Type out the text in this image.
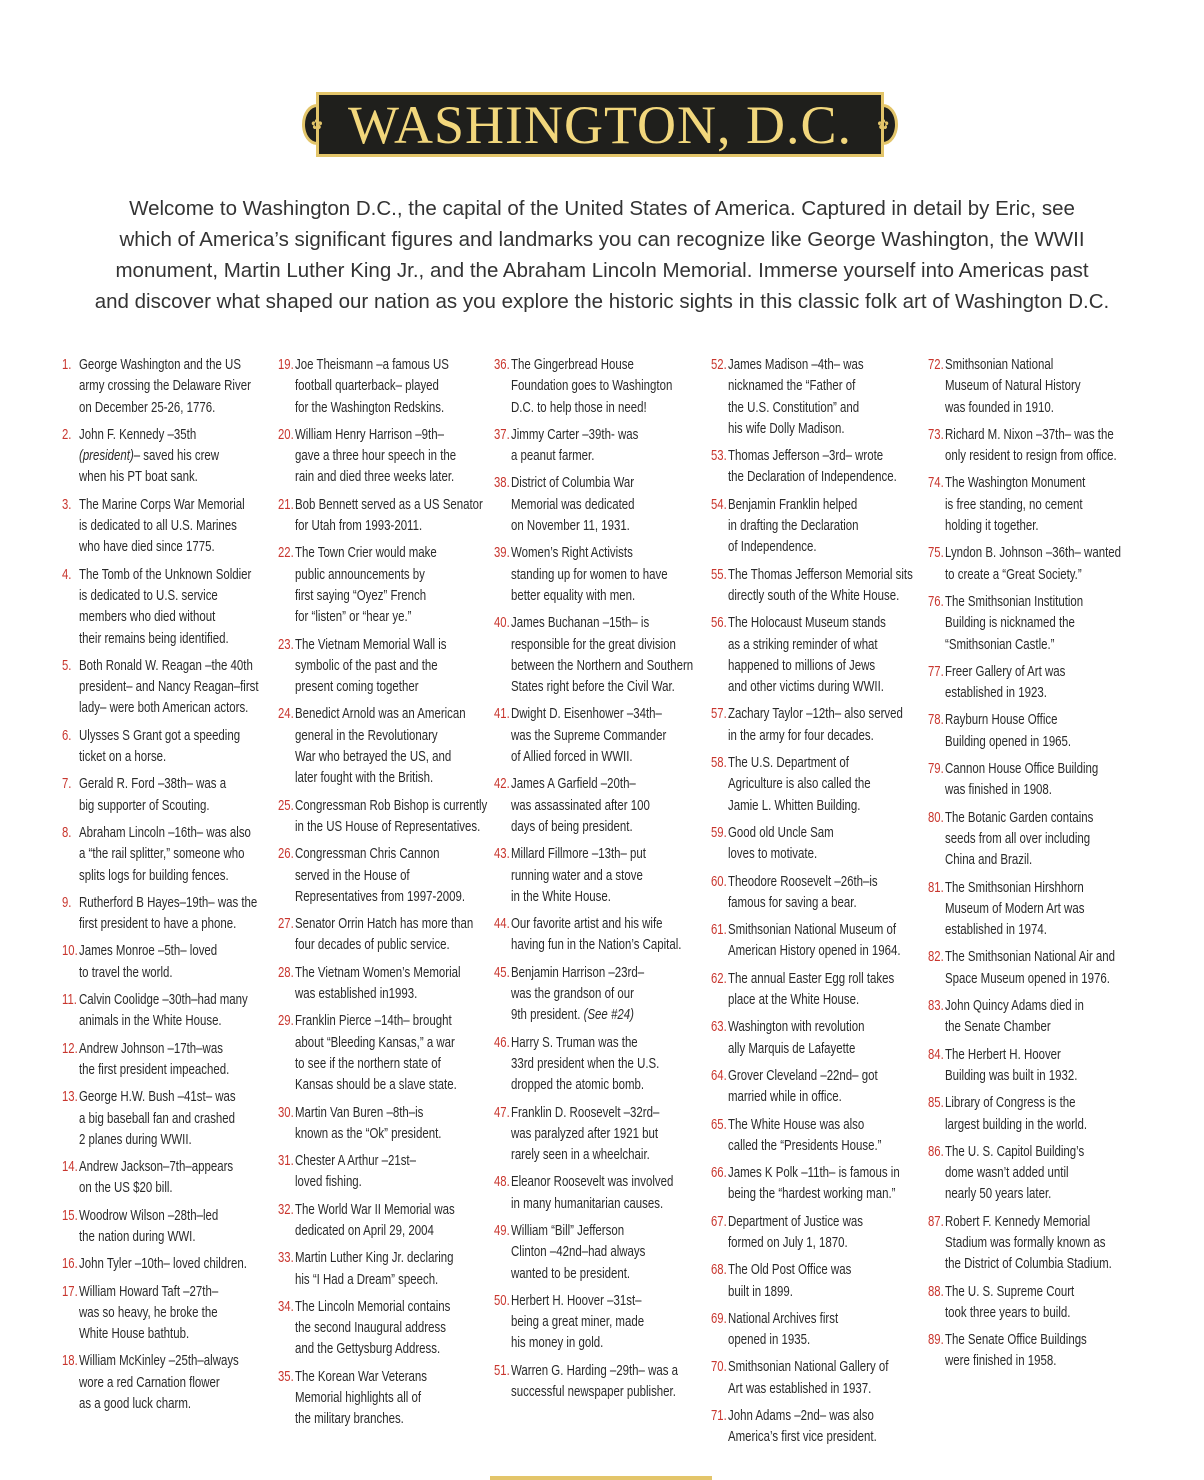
✿	✿
WASHINGTON, D.C.
Welcome to Washington D.C., the capital of the United States of America. Captured in detail by Eric, see
which of America’s significant figures and landmarks you can recognize like George Washington, the WWII
monument, Martin Luther King Jr., and the Abraham Lincoln Memorial. Immerse yourself into Americas past
and discover what shaped our nation as you explore the historic sights in this classic folk art of Washington D.C.
1. George Washington and the US
army crossing the Delaware River
on December 25-26, 1776.
2. John F. Kennedy –35th
(president)– saved his crew
when his PT boat sank.
3. The Marine Corps War Memorial
is dedicated to all U.S. Marines
who have died since 1775.
4. The Tomb of the Unknown Soldier
is dedicated to U.S. service
members who died without
their remains being identified.
5. Both Ronald W. Reagan –the 40th
president– and Nancy Reagan–first
lady– were both American actors.
6. Ulysses S Grant got a speeding
ticket on a horse.
7. Gerald R. Ford –38th– was a
big supporter of Scouting.
8. Abraham Lincoln –16th– was also
a “the rail splitter,” someone who
splits logs for building fences.
9. Rutherford B Hayes–19th– was the
first president to have a phone.
10. James Monroe –5th– loved
to travel the world.
11. Calvin Coolidge –30th–had many
animals in the White House.
12. Andrew Johnson –17th–was
the first president impeached.
13. George H.W. Bush –41st– was
a big baseball fan and crashed
2 planes during WWII.
14. Andrew Jackson–7th–appears
on the US $20 bill.
15. Woodrow Wilson –28th–led
the nation during WWI.
16. John Tyler –10th– loved children.
17. William Howard Taft –27th–
was so heavy, he broke the
White House bathtub.
18. William McKinley –25th–always
wore a red Carnation flower
as a good luck charm.
19. Joe Theismann –a famous US
football quarterback– played
for the Washington Redskins.
20. William Henry Harrison –9th–
gave a three hour speech in the
rain and died three weeks later.
21. Bob Bennett served as a US Senator
for Utah from 1993-2011.
22. The Town Crier would make
public announcements by
first saying “Oyez” French
for “listen” or “hear ye.”
23. The Vietnam Memorial Wall is
symbolic of the past and the
present coming together
24. Benedict Arnold was an American
general in the Revolutionary
War who betrayed the US, and
later fought with the British.
25. Congressman Rob Bishop is currently
in the US House of Representatives.
26. Congressman Chris Cannon
served in the House of
Representatives from 1997-2009.
27. Senator Orrin Hatch has more than
four decades of public service.
28. The Vietnam Women’s Memorial
was established in1993.
29. Franklin Pierce –14th– brought
about “Bleeding Kansas,” a war
to see if the northern state of
Kansas should be a slave state.
30. Martin Van Buren –8th–is
known as the “Ok” president.
31. Chester A Arthur –21st–
loved fishing.
32. The World War II Memorial was
dedicated on April 29, 2004
33. Martin Luther King Jr. declaring
his “I Had a Dream” speech.
34. The Lincoln Memorial contains
the second Inaugural address
and the Gettysburg Address.
35. The Korean War Veterans
Memorial highlights all of
the military branches.
36. The Gingerbread House
Foundation goes to Washington
D.C. to help those in need!
37. Jimmy Carter –39th- was
a peanut farmer.
38. District of Columbia War
Memorial was dedicated
on November 11, 1931.
39. Women’s Right Activists
standing up for women to have
better equality with men.
40. James Buchanan –15th– is
responsible for the great division
between the Northern and Southern
States right before the Civil War.
41. Dwight D. Eisenhower –34th–
was the Supreme Commander
of Allied forced in WWII.
42. James A Garfield –20th–
was assassinated after 100
days of being president.
43. Millard Fillmore –13th– put
running water and a stove
in the White House.
44. Our favorite artist and his wife
having fun in the Nation’s Capital.
45. Benjamin Harrison –23rd–
was the grandson of our
9th president. (See #24)
46. Harry S. Truman was the
33rd president when the U.S.
dropped the atomic bomb.
47. Franklin D. Roosevelt –32rd–
was paralyzed after 1921 but
rarely seen in a wheelchair.
48. Eleanor Roosevelt was involved
in many humanitarian causes.
49. William “Bill” Jefferson
Clinton –42nd–had always
wanted to be president.
50. Herbert H. Hoover –31st–
being a great miner, made
his money in gold.
51. Warren G. Harding –29th– was a
successful newspaper publisher.
52. James Madison –4th– was
nicknamed the “Father of
the U.S. Constitution” and
his wife Dolly Madison.
53. Thomas Jefferson –3rd– wrote
the Declaration of Independence.
54. Benjamin Franklin helped
in drafting the Declaration
of Independence.
55. The Thomas Jefferson Memorial sits
directly south of the White House.
56. The Holocaust Museum stands
as a striking reminder of what
happened to millions of Jews
and other victims during WWII.
57. Zachary Taylor –12th– also served
in the army for four decades.
58. The U.S. Department of
Agriculture is also called the
Jamie L. Whitten Building.
59. Good old Uncle Sam
loves to motivate.
60. Theodore Roosevelt –26th–is
famous for saving a bear.
61. Smithsonian National Museum of
American History opened in 1964.
62. The annual Easter Egg roll takes
place at the White House.
63. Washington with revolution
ally Marquis de Lafayette
64. Grover Cleveland –22nd– got
married while in office.
65. The White House was also
called the “Presidents House.”
66. James K Polk –11th– is famous in
being the “hardest working man.”
67. Department of Justice was
formed on July 1, 1870.
68. The Old Post Office was
built in 1899.
69. National Archives first
opened in 1935.
70. Smithsonian National Gallery of
Art was established in 1937.
71. John Adams –2nd– was also
America’s first vice president.
72. Smithsonian National
Museum of Natural History
was founded in 1910.
73. Richard M. Nixon –37th– was the
only resident to resign from office.
74. The Washington Monument
is free standing, no cement
holding it together.
75. Lyndon B. Johnson –36th– wanted
to create a “Great Society.”
76. The Smithsonian Institution
Building is nicknamed the
“Smithsonian Castle.”
77. Freer Gallery of Art was
established in 1923.
78. Rayburn House Office
Building opened in 1965.
79. Cannon House Office Building
was finished in 1908.
80. The Botanic Garden contains
seeds from all over including
China and Brazil.
81. The Smithsonian Hirshhorn
Museum of Modern Art was
established in 1974.
82. The Smithsonian National Air and
Space Museum opened in 1976.
83. John Quincy Adams died in
the Senate Chamber
84. The Herbert H. Hoover
Building was built in 1932.
85. Library of Congress is the
largest building in the world.
86. The U. S. Capitol Building’s
dome wasn’t added until
nearly 50 years later.
87. Robert F. Kennedy Memorial
Stadium was formally known as
the District of Columbia Stadium.
88. The U. S. Supreme Court
took three years to build.
89. The Senate Office Buildings
were finished in 1958.
